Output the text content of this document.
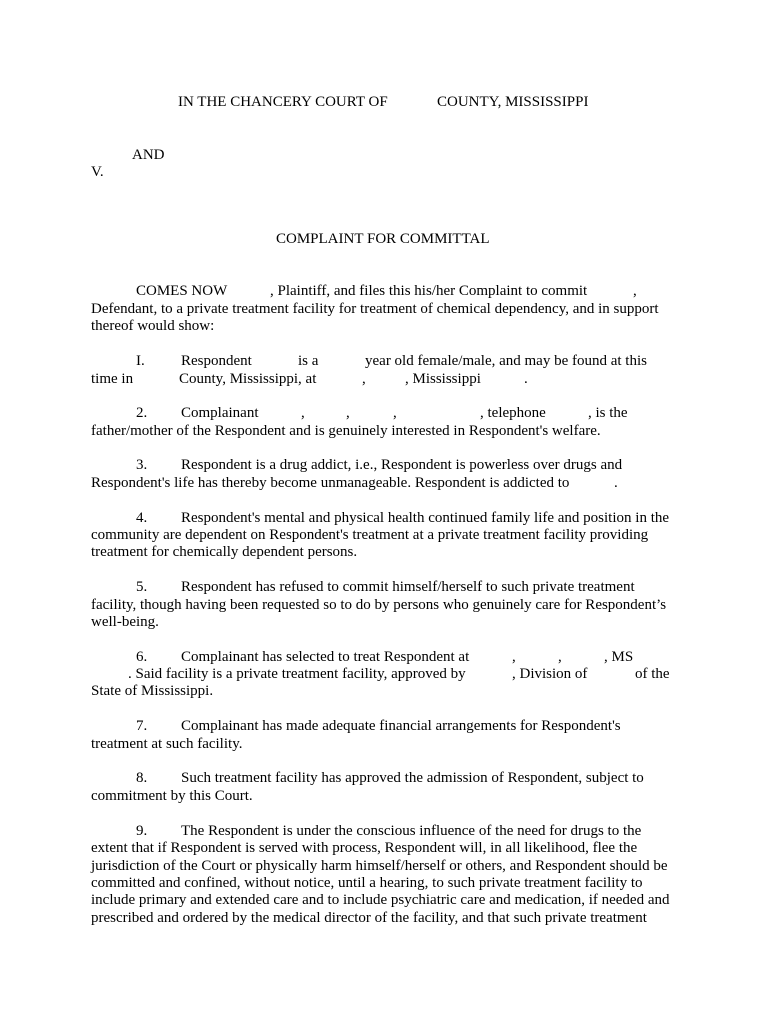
IN THE CHANCERY COURT OF	COUNTY, MISSISSIPPI
AND
V.
COMPLAINT FOR COMMITTAL
COMES NOW	, Plaintiff, and files this his/her Complaint to commit	,
Defendant, to a private treatment facility for treatment of chemical dependency, and in support
thereof would show:
I. Respondent	is a	year old female/male, and may be found at this
time in	County, Mississippi, at	,	, Mississippi	.
2. Complainant	,	,	,	, telephone	, is the
father/mother of the Respondent and is genuinely interested in Respondent's welfare.
3. Respondent is a drug addict, i.e., Respondent is powerless over drugs and
Respondent's life has thereby become unmanageable. Respondent is addicted to	.
4. Respondent's mental and physical health continued family life and position in the
community are dependent on Respondent's treatment at a private treatment facility providing
treatment for chemically dependent persons.
5. Respondent has refused to commit himself/herself to such private treatment
facility, though having been requested so to do by persons who genuinely care for Respondent’s
well-being.
6. Complainant has selected to treat Respondent at	,	,	, MS
. Said facility is a private treatment facility, approved by	, Division of	of the
State of Mississippi.
7. Complainant has made adequate financial arrangements for Respondent's
treatment at such facility.
8. Such treatment facility has approved the admission of Respondent, subject to
commitment by this Court.
9. The Respondent is under the conscious influence of the need for drugs to the
extent that if Respondent is served with process, Respondent will, in all likelihood, flee the
jurisdiction of the Court or physically harm himself/herself or others, and Respondent should be
committed and confined, without notice, until a hearing, to such private treatment facility to
include primary and extended care and to include psychiatric care and medication, if needed and
prescribed and ordered by the medical director of the facility, and that such private treatment
